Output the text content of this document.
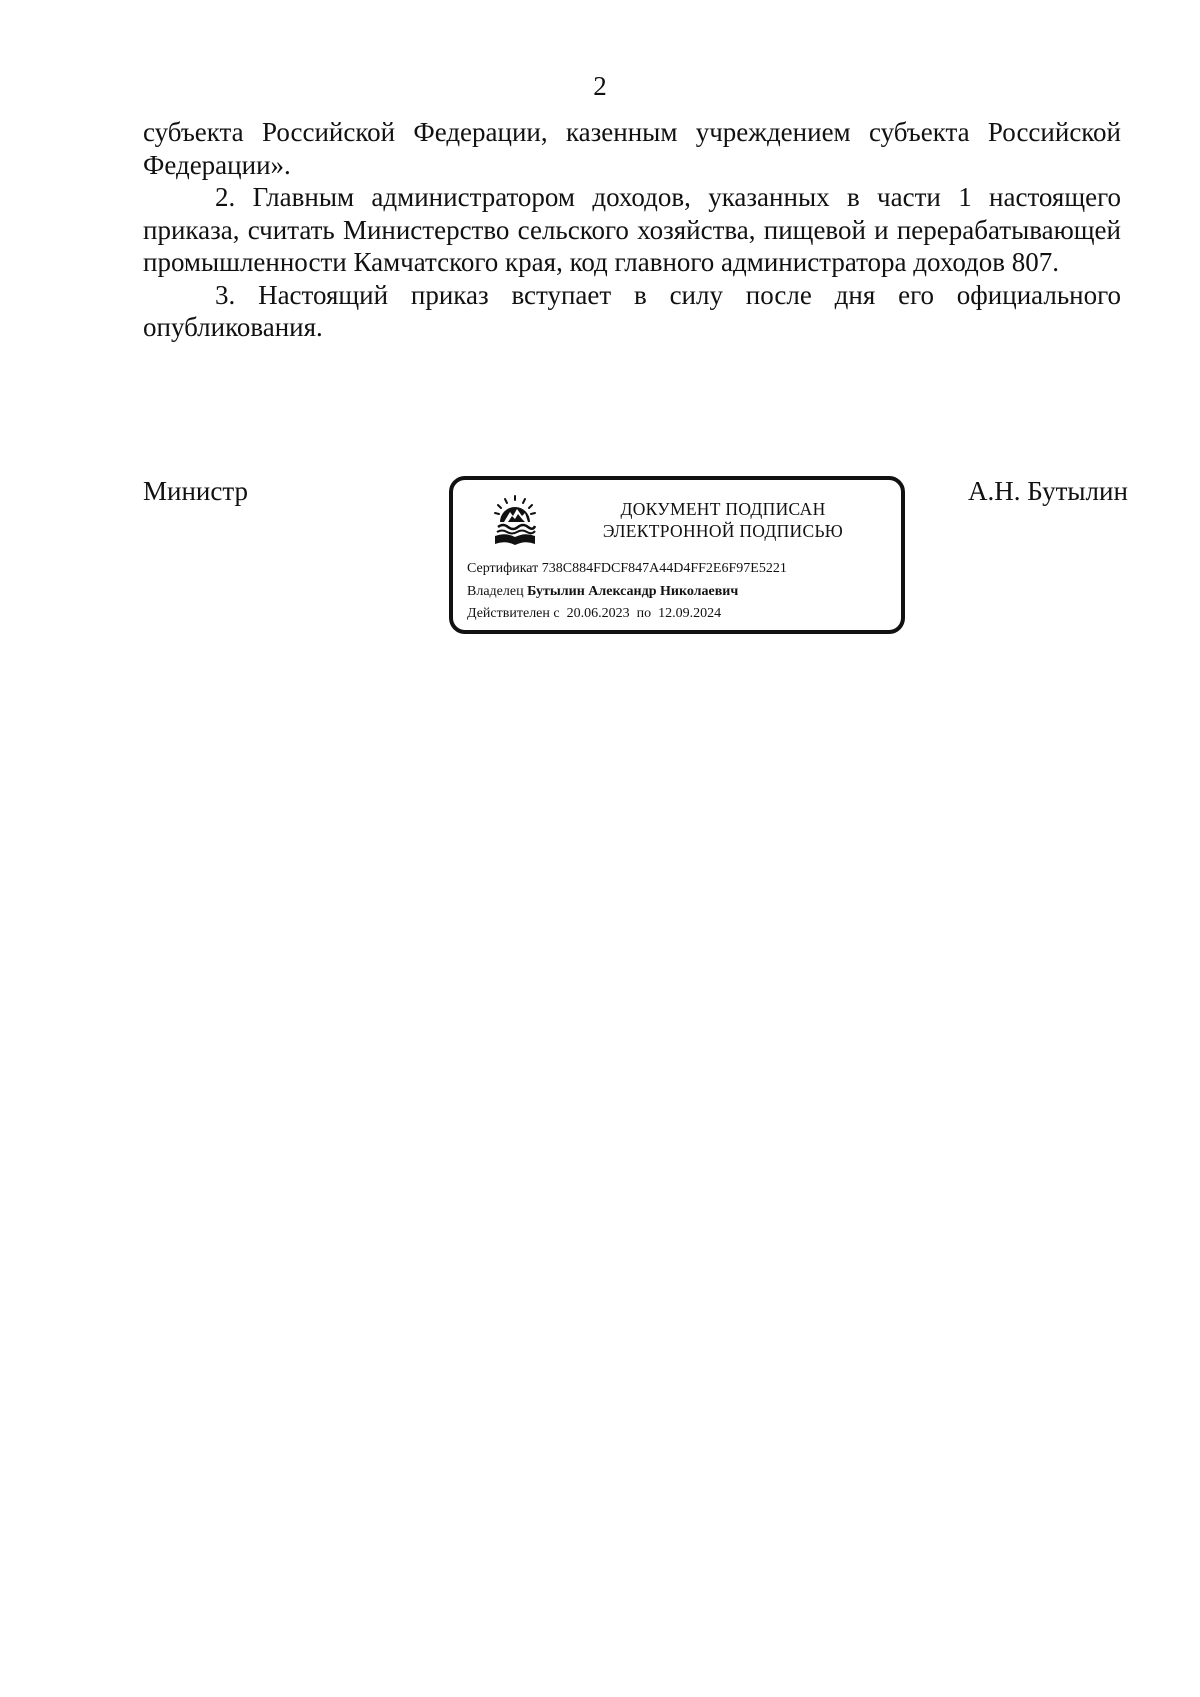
2

субъекта Российской Федерации, казенным учреждением субъекта Российской Федерации».

2. Главным администратором доходов, указанных в части 1 настоящего приказа, считать Министерство сельского хозяйства, пищевой и перерабатывающей промышленности Камчатского края, код главного администратора доходов 807.

3. Настоящий приказ вступает в силу после дня его официального опубликования.

Министр
ДОКУМЕНТ ПОДПИСАН
ЭЛЕКТРОННОЙ ПОДПИСЬЮ
Сертификат 738C884FDCF847A44D4FF2E6F97E5221
Владелец Бутылин Александр Николаевич
Действителен с 20.06.2023 по 12.09.2024
А.Н. Бутылин
